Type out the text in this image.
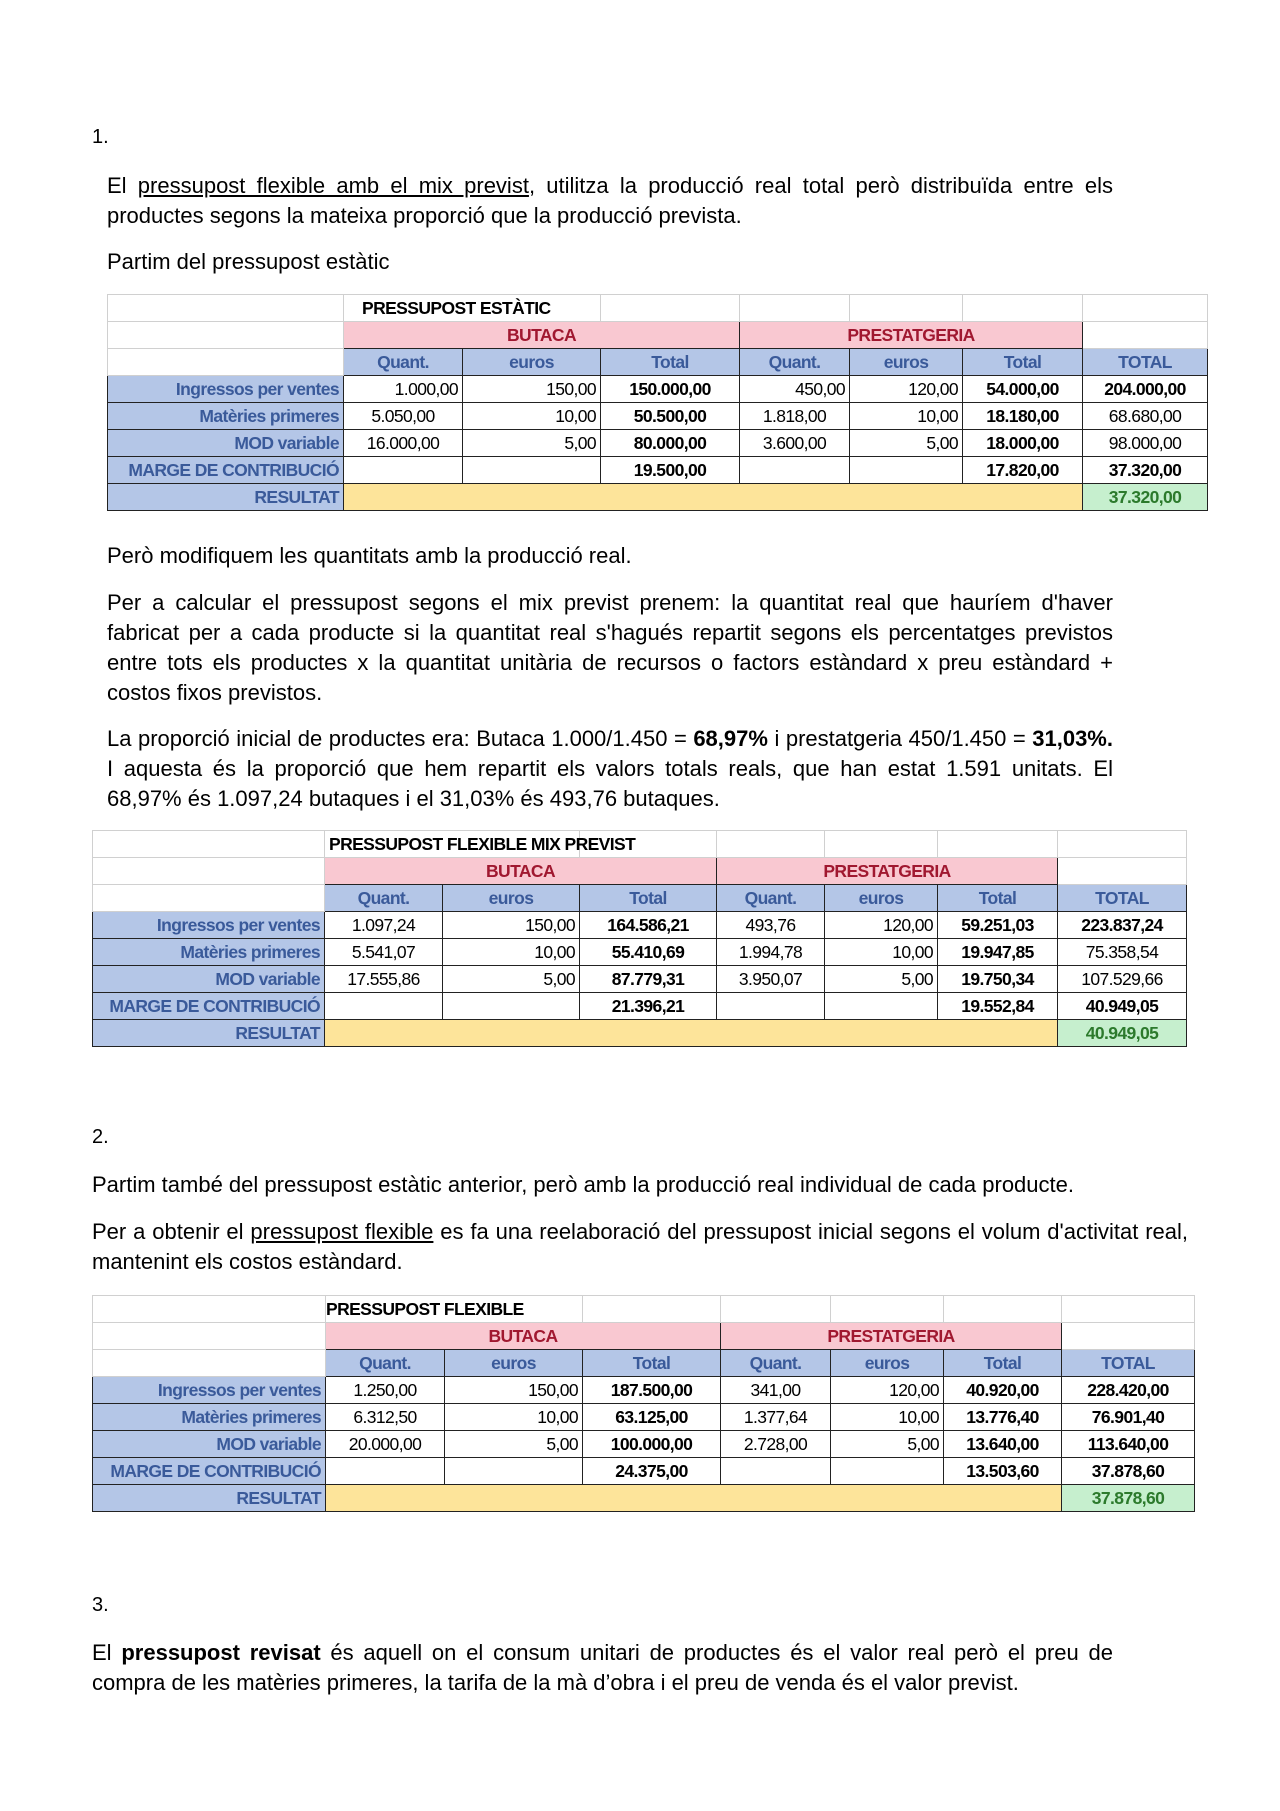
1.

El pressupost flexible amb el mix previst, utilitza la producció real total però distribuïda entre els productes segons la mateixa proporció que la producció prevista.

Partim del pressupost estàtic
	PRESSUPOST ESTÀTIC						
	BUTACA			PRESTATGERIA			
	Quant.	euros	Total	Quant.	euros	Total	TOTAL
Ingressos per ventes	1.000,00	150,00	150.000,00	450,00	120,00	54.000,00	204.000,00
Matèries primeres	5.050,00	10,00	50.500,00	1.818,00	10,00	18.180,00	68.680,00
MOD variable	16.000,00	5,00	80.000,00	3.600,00	5,00	18.000,00	98.000,00
MARGE DE CONTRIBUCIÓ			19.500,00			17.820,00	37.320,00
RESULTAT							37.320,00
Però modifiquem les quantitats amb la producció real.
Per a calcular el pressupost segons el mix previst prenem: la quantitat real que hauríem d'haver fabricat per a cada producte si la quantitat real s'hagués repartit segons els percentatges previstos entre tots els productes x la quantitat unitària de recursos o factors estàndard x preu estàndard + costos fixos previstos.

La proporció inicial de productes era: Butaca 1.000/1.450 = 68,97% i prestatgeria 450/1.450 = 31,03%. I aquesta és la proporció que hem repartit els valors totals reals, que han estat 1.591 unitats. El 68,97% és 1.097,24 butaques i el 31,03% és 493,76 butaques.

	PRESSUPOST FLEXIBLE MIX PREVIST						
	BUTACA			PRESTATGERIA			
	Quant.	euros	Total	Quant.	euros	Total	TOTAL
Ingressos per ventes	1.097,24	150,00	164.586,21	493,76	120,00	59.251,03	223.837,24
Matèries primeres	5.541,07	10,00	55.410,69	1.994,78	10,00	19.947,85	75.358,54
MOD variable	17.555,86	5,00	87.779,31	3.950,07	5,00	19.750,34	107.529,66
MARGE DE CONTRIBUCIÓ			21.396,21			19.552,84	40.949,05
RESULTAT							40.949,05
2.
Partim també del pressupost estàtic anterior, però amb la producció real individual de cada producte.

Per a obtenir el pressupost flexible es fa una reelaboració del pressupost inicial segons el volum d'activitat real, mantenint els costos estàndard.

	PRESSUPOST FLEXIBLE						
	BUTACA			PRESTATGERIA			
	Quant.	euros	Total	Quant.	euros	Total	TOTAL
Ingressos per ventes	1.250,00	150,00	187.500,00	341,00	120,00	40.920,00	228.420,00
Matèries primeres	6.312,50	10,00	63.125,00	1.377,64	10,00	13.776,40	76.901,40
MOD variable	20.000,00	5,00	100.000,00	2.728,00	5,00	13.640,00	113.640,00
MARGE DE CONTRIBUCIÓ			24.375,00			13.503,60	37.878,60
RESULTAT							37.878,60
3.

El pressupost revisat és aquell on el consum unitari de productes és el valor real però el preu de compra de les matèries primeres, la tarifa de la mà d’obra i el preu de venda és el valor previst.
